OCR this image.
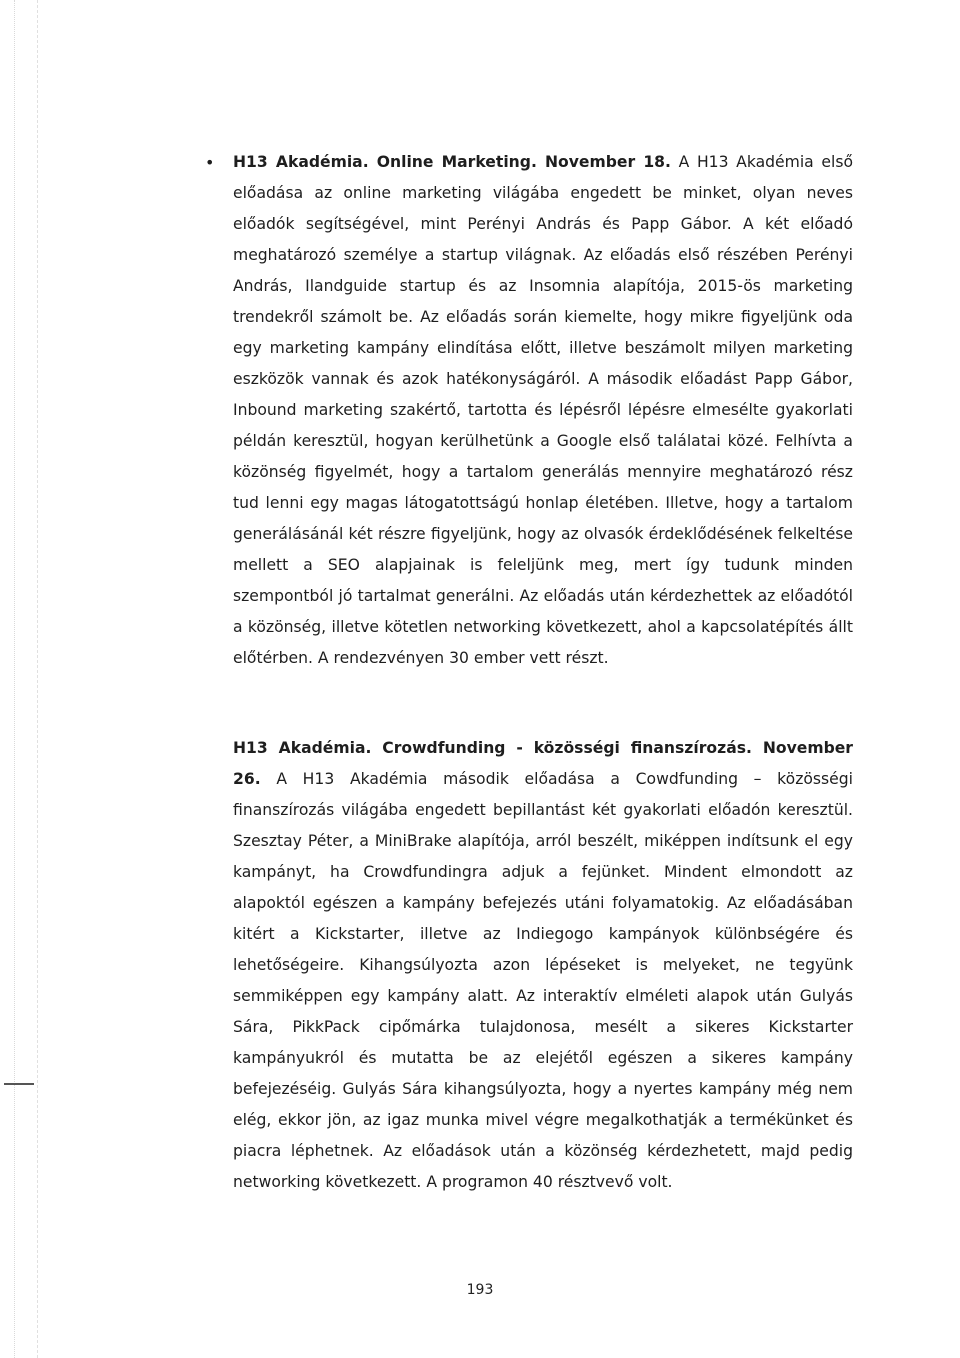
•	H13 Akadémia. Online Marketing. November 18. A H13 Akadémia első előadása az online marketing világába engedett be minket, olyan neves előadók segítségével, mint Perényi András és Papp Gábor. A két előadó meghatározó személye a startup világnak. Az előadás első részében Perényi András, Ilandguide startup és az Insomnia alapítója, 2015-ös marketing trendekről számolt be. Az előadás során kiemelte, hogy mikre figyeljünk oda egy marketing kampány elindítása előtt, illetve beszámolt milyen marketing eszközök vannak és azok hatékonyságáról. A második előadást Papp Gábor, Inbound marketing szakértő, tartotta és lépésről lépésre elmesélte gyakorlati példán keresztül, hogyan kerülhetünk a Google első találatai közé. Felhívta a közönség figyelmét, hogy a tartalom generálás mennyire meghatározó rész tud lenni egy magas látogatottságú honlap életében. Illetve, hogy a tartalom generálásánál két részre figyeljünk, hogy az olvasók érdeklődésének felkeltése mellett a SEO alapjainak is feleljünk meg, mert így tudunk minden szempontból jó tartalmat generálni. Az előadás után kérdezhettek az előadótól a közönség, illetve kötetlen networking következett, ahol a kapcsolatépítés állt előtérben. A rendezvényen 30 ember vett részt.

H13 Akadémia. Crowdfunding - közösségi finanszírozás. November 26. A H13 Akadémia második előadása a Cowdfunding – közösségi finanszírozás világába engedett bepillantást két gyakorlati előadón keresztül. Szesztay Péter, a MiniBrake alapítója, arról beszélt, miképpen indítsunk el egy kampányt, ha Crowdfundingra adjuk a fejünket. Mindent elmondott az alapoktól egészen a kampány befejezés utáni folyamatokig. Az előadásában kitért a Kickstarter, illetve az Indiegogo kampányok különbségére és lehetőségeire. Kihangsúlyozta azon lépéseket is melyeket, ne tegyünk semmiképpen egy kampány alatt. Az interaktív elméleti alapok után Gulyás Sára, PikkPack cipőmárka tulajdonosa, mesélt a sikeres Kickstarter kampányukról és mutatta be az elejétől egészen a sikeres kampány befejezéséig. Gulyás Sára kihangsúlyozta, hogy a nyertes kampány még nem elég, ekkor jön, az igaz munka mivel végre megalkothatják a termékünket és piacra léphetnek. Az előadások után a közönség kérdezhetett, majd pedig networking következett. A programon 40 résztvevő volt.

193
